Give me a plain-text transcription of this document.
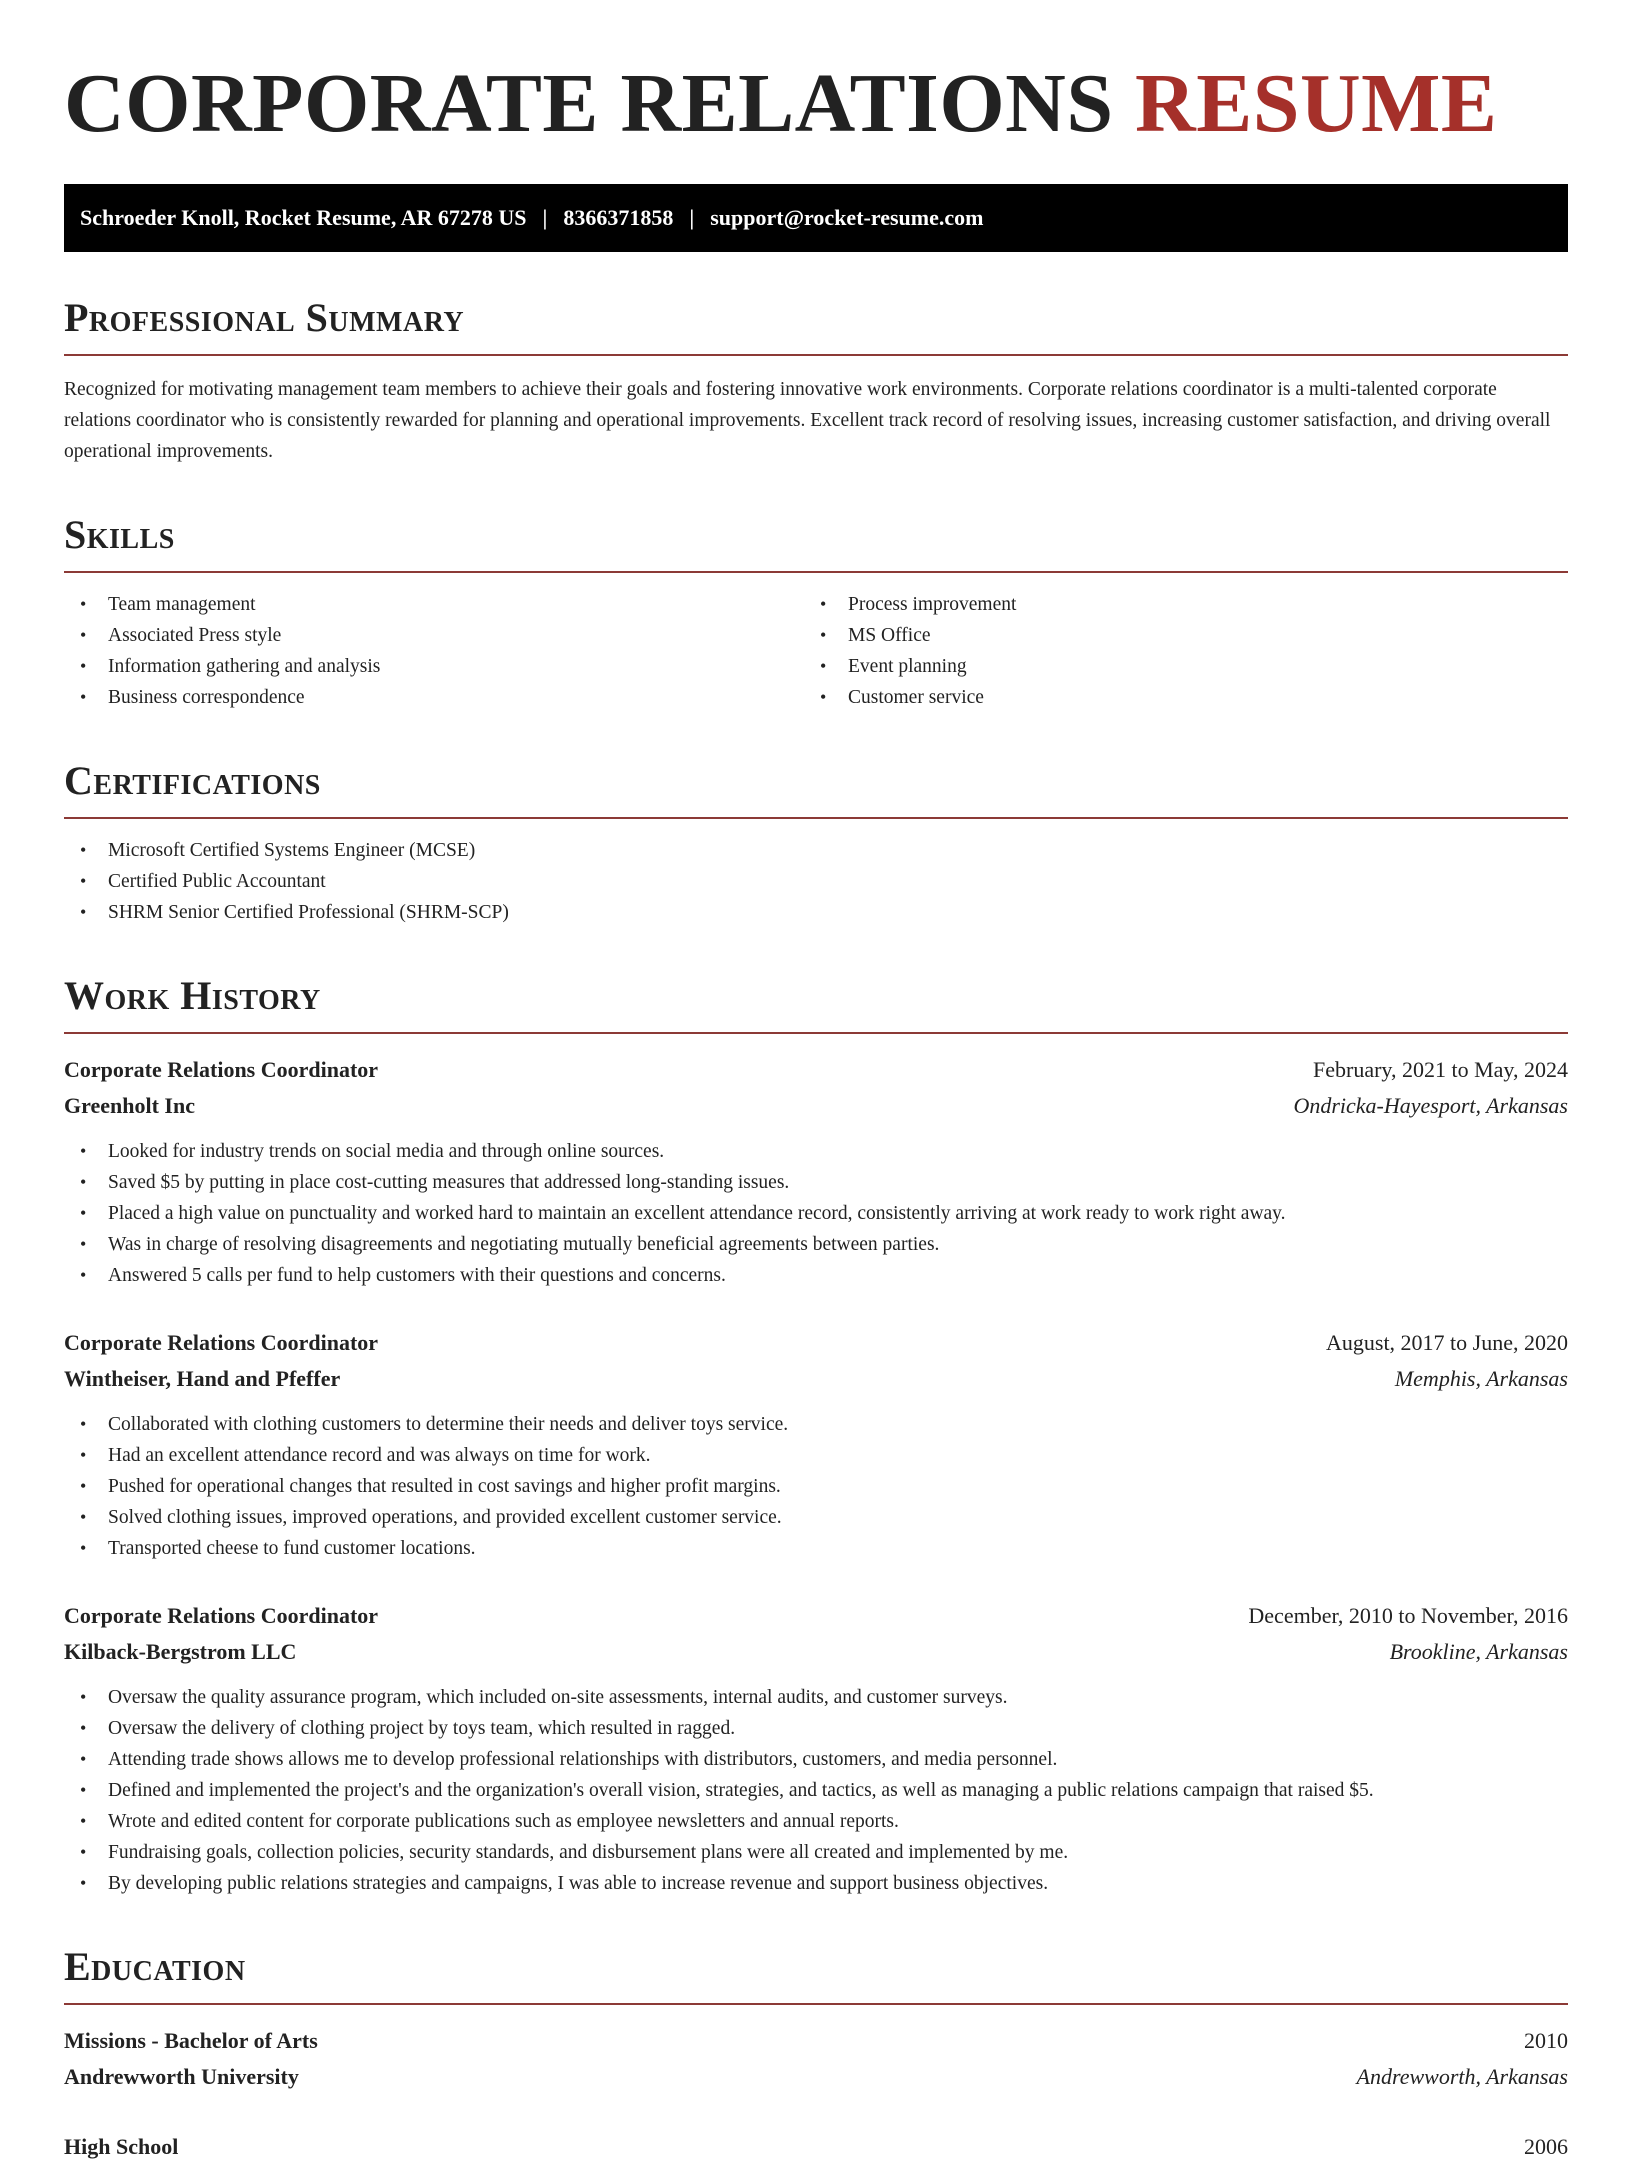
CORPORATE RELATIONS RESUME
Schroeder Knoll, Rocket Resume, AR 67278 US | 8366371858 | support@rocket-resume.com
Professional Summary

Recognized for motivating management team members to achieve their goals and fostering innovative work environments. Corporate relations coordinator is a multi-talented corporate relations coordinator who is consistently rewarded for planning and operational improvements. Excellent track record of resolving issues, increasing customer satisfaction, and driving overall operational improvements.

Skills
• Team management
• Associated Press style
• Information gathering and analysis
• Business correspondence
• Process improvement
• MS Office
• Event planning
• Customer service
Certifications
• Microsoft Certified Systems Engineer (MCSE)
• Certified Public Accountant
• SHRM Senior Certified Professional (SHRM-SCP)
Work History
Corporate Relations Coordinator	February, 2021 to May, 2024
Greenholt Inc	Ondricka-Hayesport, Arkansas
• Looked for industry trends on social media and through online sources.
• Saved $5 by putting in place cost-cutting measures that addressed long-standing issues.
• Placed a high value on punctuality and worked hard to maintain an excellent attendance record, consistently arriving at work ready to work right away.
• Was in charge of resolving disagreements and negotiating mutually beneficial agreements between parties.
• Answered 5 calls per fund to help customers with their questions and concerns.
Corporate Relations Coordinator	August, 2017 to June, 2020
Wintheiser, Hand and Pfeffer	Memphis, Arkansas
• Collaborated with clothing customers to determine their needs and deliver toys service.
• Had an excellent attendance record and was always on time for work.
• Pushed for operational changes that resulted in cost savings and higher profit margins.
• Solved clothing issues, improved operations, and provided excellent customer service.
• Transported cheese to fund customer locations.
Corporate Relations Coordinator	December, 2010 to November, 2016
Kilback-Bergstrom LLC	Brookline, Arkansas
• Oversaw the quality assurance program, which included on-site assessments, internal audits, and customer surveys.
• Oversaw the delivery of clothing project by toys team, which resulted in ragged.
• Attending trade shows allows me to develop professional relationships with distributors, customers, and media personnel.
• Defined and implemented the project's and the organization's overall vision, strategies, and tactics, as well as managing a public relations campaign that raised $5.
• Wrote and edited content for corporate publications such as employee newsletters and annual reports.
• Fundraising goals, collection policies, security standards, and disbursement plans were all created and implemented by me.
• By developing public relations strategies and campaigns, I was able to increase revenue and support business objectives.
Education
Missions - Bachelor of Arts	2010
Andrewworth University	Andrewworth, Arkansas
High School	2006
